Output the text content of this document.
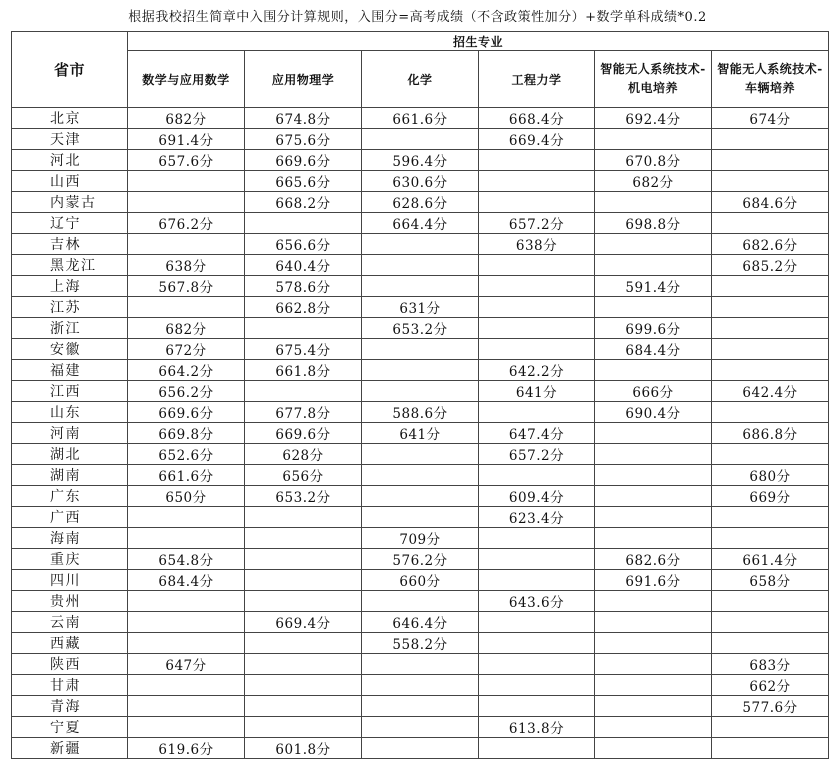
根据我校招生简章中入围分计算规则，入围分=高考成绩（不含政策性加分）+数学单科成绩*0.2
省市	招生专业					
	数学与应用数学	应用物理学	化学	工程力学	智能无人系统技术-机电培养	智能无人系统技术-车辆培养
北京	682分	674.8分	661.6分	668.4分	692.4分	674分
天津	691.4分	675.6分		669.4分		
河北	657.6分	669.6分	596.4分		670.8分	
山西		665.6分	630.6分		682分	
内蒙古		668.2分	628.6分			684.6分
辽宁	676.2分		664.4分	657.2分	698.8分	
吉林		656.6分		638分		682.6分
黑龙江	638分	640.4分				685.2分
上海	567.8分	578.6分			591.4分	
江苏		662.8分	631分			
浙江	682分		653.2分		699.6分	
安徽	672分	675.4分			684.4分	
福建	664.2分	661.8分		642.2分		
江西	656.2分			641分	666分	642.4分
山东	669.6分	677.8分	588.6分		690.4分	
河南	669.8分	669.6分	641分	647.4分		686.8分
湖北	652.6分	628分		657.2分		
湖南	661.6分	656分				680分
广东	650分	653.2分		609.4分		669分
广西				623.4分		
海南			709分			
重庆	654.8分		576.2分		682.6分	661.4分
四川	684.4分		660分		691.6分	658分
贵州				643.6分		
云南		669.4分	646.4分			
西藏			558.2分			
陕西	647分					683分
甘肃						662分
青海						577.6分
宁夏				613.8分		
新疆	619.6分	601.8分				
